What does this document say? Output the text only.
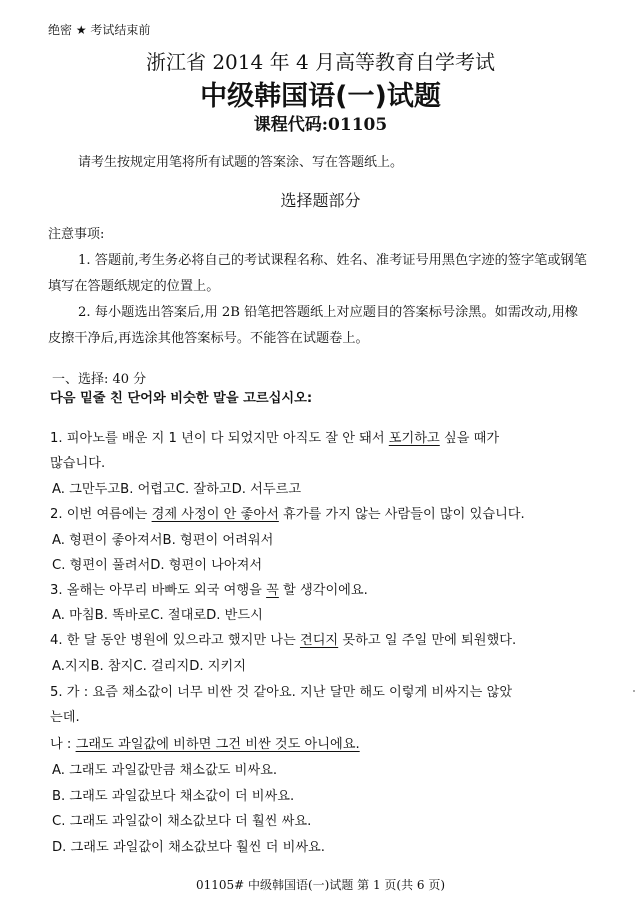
绝密 ★ 考试结束前
浙江省 2014 年 4 月高等教育自学考试
中级韩国语(一)试题
课程代码:01105
请考生按规定用笔将所有试题的答案涂、写在答题纸上。
选择题部分
注意事项:
1. 答题前,考生务必将自己的考试课程名称、姓名、准考证号用黑色字迹的签字笔或钢笔
填写在答题纸规定的位置上。
2. 每小题选出答案后,用 2B 铅笔把答题纸上对应题目的答案标号涂黑。如需改动,用橡
皮擦干净后,再选涂其他答案标号。不能答在试题卷上。
一、选择: 40 分
다음 밑줄 친 단어와 비슷한 말을 고르십시오:
1. 피아노를 배운 지 1 년이 다 되었지만 아직도 잘 안 돼서 포기하고 싶을 때가
많습니다.
A. 그만두고B. 어렵고C. 잘하고D. 서두르고
2. 이번 여름에는 경제 사정이 안 좋아서 휴가를 가지 않는 사람들이 많이 있습니다.
A. 형편이 좋아져서B. 형편이 어려워서
C. 형편이 풀려서D. 형편이 나아져서
3. 올해는 아무리 바빠도 외국 여행을 꼭 할 생각이에요.
A. 마침B. 똑바로C. 절대로D. 반드시
4. 한 달 동안 병원에 있으라고 했지만 나는 견디지 못하고 일 주일 만에 퇴원했다.
A.지지B. 참지C. 걸리지D. 지키지
5. 가 : 요즘 채소값이 너무 비싼 것 같아요. 지난 달만 해도 이렇게 비싸지는 않았
는데.
나 : 그래도 과일값에 비하면 그건 비싼 것도 아니에요.
A. 그래도 과일값만큼 채소값도 비싸요.
B. 그래도 과일값보다 채소값이 더 비싸요.
C. 그래도 과일값이 채소값보다 더 훨씬 싸요.
D. 그래도 과일값이 채소값보다 훨씬 더 비싸요.
01105# 中级韩国语(一)试题 第 1 页(共 6 页)
